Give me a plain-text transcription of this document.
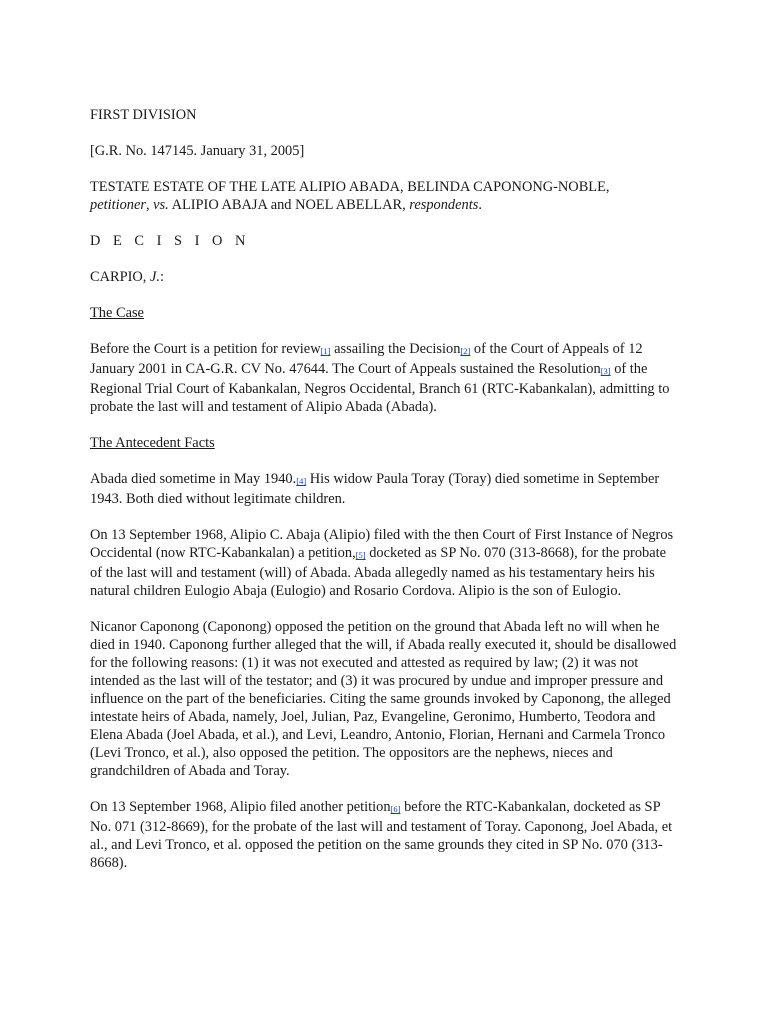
FIRST DIVISION

[G.R. No. 147145. January 31, 2005]

TESTATE ESTATE OF THE LATE ALIPIO ABADA, BELINDA CAPONONG-NOBLE,
petitioner, vs. ALIPIO ABAJA and NOEL ABELLAR, respondents.

D E C I S I O N

CARPIO, J.:

The Case

Before the Court is a petition for review[1] assailing the Decision[2] of the Court of Appeals of 12 January 2001 in CA-G.R. CV No. 47644. The Court of Appeals sustained the Resolution[3] of the Regional Trial Court of Kabankalan, Negros Occidental, Branch 61 (RTC-Kabankalan), admitting to probate the last will and testament of Alipio Abada (Abada).

The Antecedent Facts

Abada died sometime in May 1940.[4] His widow Paula Toray (Toray) died sometime in September 1943. Both died without legitimate children.

On 13 September 1968, Alipio C. Abaja (Alipio) filed with the then Court of First Instance of Negros Occidental (now RTC-Kabankalan) a petition,[5] docketed as SP No. 070 (313-8668), for the probate of the last will and testament (will) of Abada. Abada allegedly named as his testamentary heirs his natural children Eulogio Abaja (Eulogio) and Rosario Cordova. Alipio is the son of Eulogio.

Nicanor Caponong (Caponong) opposed the petition on the ground that Abada left no will when he died in 1940. Caponong further alleged that the will, if Abada really executed it, should be disallowed for the following reasons: (1) it was not executed and attested as required by law; (2) it was not intended as the last will of the testator; and (3) it was procured by undue and improper pressure and influence on the part of the beneficiaries. Citing the same grounds invoked by Caponong, the alleged intestate heirs of Abada, namely, Joel, Julian, Paz, Evangeline, Geronimo, Humberto, Teodora and Elena Abada (Joel Abada, et al.), and Levi, Leandro, Antonio, Florian, Hernani and Carmela Tronco (Levi Tronco, et al.), also opposed the petition. The oppositors are the nephews, nieces and grandchildren of Abada and Toray.

On 13 September 1968, Alipio filed another petition[6] before the RTC-Kabankalan, docketed as SP No. 071 (312-8669), for the probate of the last will and testament of Toray. Caponong, Joel Abada, et al., and Levi Tronco, et al. opposed the petition on the same grounds they cited in SP No. 070 (313-8668).
